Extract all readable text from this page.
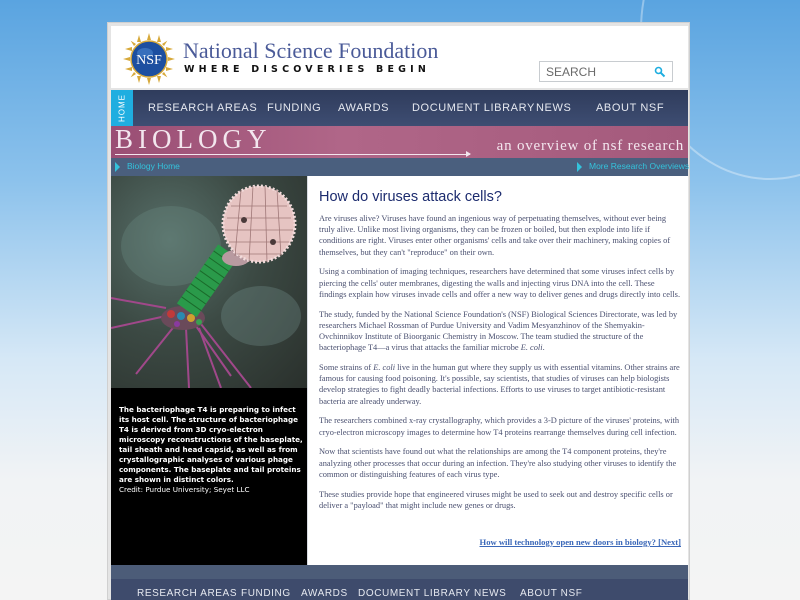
NSF National Science Foundation
WHERE DISCOVERIES BEGIN
SEARCH
HOME RESEARCH AREAS FUNDING AWARDS DOCUMENT LIBRARY NEWS ABOUT NSF
BIOLOGY	an overview of nsf research
Biology Home	More Research Overviews
The bacteriophage T4 is preparing to infect its host cell. The structure of bacteriophage T4 is derived from 3D cryo-electron microscopy reconstructions of the baseplate, tail sheath and head capsid, as well as from crystallographic analyses of various phage components. The baseplate and tail proteins are shown in distinct colors.
Credit: Purdue University; Seyet LLC
How do viruses attack cells?

Are viruses alive? Viruses have found an ingenious way of perpetuating themselves, without ever being truly alive. Unlike most living organisms, they can be frozen or boiled, but then explode into life if conditions are right. Viruses enter other organisms' cells and take over their machinery, making copies of themselves, but they can't "reproduce" on their own.

Using a combination of imaging techniques, researchers have determined that some viruses infect cells by piercing the cells' outer membranes, digesting the walls and injecting virus DNA into the cell. These findings explain how viruses invade cells and offer a new way to deliver genes and drugs directly into cells.

The study, funded by the National Science Foundation's (NSF) Biological Sciences Directorate, was led by researchers Michael Rossman of Purdue University and Vadim Mesyanzhinov of the Shemyakin-Ovchinnikov Institute of Bioorganic Chemistry in Moscow. The team studied the structure of the bacteriophage T4—a virus that attacks the familiar microbe E. coli.

Some strains of E. coli live in the human gut where they supply us with essential vitamins. Other strains are famous for causing food poisoning. It's possible, say scientists, that studies of viruses can help biologists develop strategies to fight deadly bacterial infections. Efforts to use viruses to target antibiotic-resistant bacteria are already underway.

The researchers combined x-ray crystallography, which provides a 3-D picture of the viruses' proteins, with cryo-electron microscopy images to determine how T4 proteins rearrange themselves during cell infection.

Now that scientists have found out what the relationships are among the T4 component proteins, they're analyzing other processes that occur during an infection. They're also studying other viruses to identify the common or distinguishing features of each virus type.

These studies provide hope that engineered viruses might be used to seek out and destroy specific cells or deliver a "payload" that might include new genes or drugs.

How will technology open new doors in biology? [Next]
RESEARCH AREAS FUNDING AWARDS DOCUMENT LIBRARY NEWS ABOUT NSF
